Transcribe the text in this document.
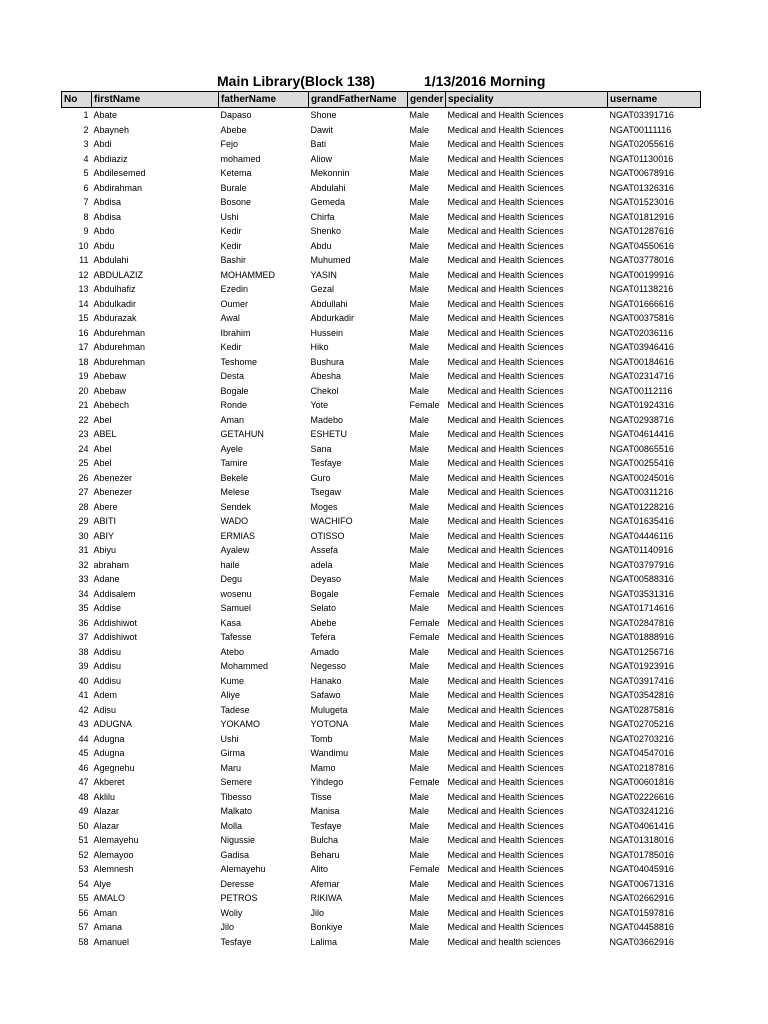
Main Library(Block 138)	1/13/2016 Morning
No	firstName	fatherName	grandFatherName	gender	speciality	username
1	Abate	Dapaso	Shone	Male	Medical and Health Sciences	NGAT03391716
2	Abayneh	Abebe	Dawit	Male	Medical and Health Sciences	NGAT00111116
3	Abdi	Fejo	Bati	Male	Medical and Health Sciences	NGAT02055616
4	Abdiaziz	mohamed	Aliow	Male	Medical and Health Sciences	NGAT01130016
5	Abdilesemed	Ketema	Mekonnin	Male	Medical and Health Sciences	NGAT00678916
6	Abdirahman	Burale	Abdulahi	Male	Medical and Health Sciences	NGAT01326316
7	Abdisa	Bosone	Gemeda	Male	Medical and Health Sciences	NGAT01523016
8	Abdisa	Ushi	Chirfa	Male	Medical and Health Sciences	NGAT01812916
9	Abdo	Kedir	Shenko	Male	Medical and Health Sciences	NGAT01287616
10	Abdu	Kedir	Abdu	Male	Medical and Health Sciences	NGAT04550616
11	Abdulahi	Bashir	Muhumed	Male	Medical and Health Sciences	NGAT03778016
12	ABDULAZIZ	MOHAMMED	YASIN	Male	Medical and Health Sciences	NGAT00199916
13	Abdulhafiz	Ezedin	Gezal	Male	Medical and Health Sciences	NGAT01138216
14	Abdulkadir	Oumer	Abdullahi	Male	Medical and Health Sciences	NGAT01666616
15	Abdurazak	Awal	Abdurkadir	Male	Medical and Health Sciences	NGAT00375816
16	Abdurehman	Ibrahim	Hussein	Male	Medical and Health Sciences	NGAT02036116
17	Abdurehman	Kedir	Hiko	Male	Medical and Health Sciences	NGAT03946416
18	Abdurehman	Teshome	Bushura	Male	Medical and Health Sciences	NGAT00184616
19	Abebaw	Desta	Abesha	Male	Medical and Health Sciences	NGAT02314716
20	Abebaw	Bogale	Chekol	Male	Medical and Health Sciences	NGAT00112116
21	Abebech	Ronde	Yote	Female	Medical and Health Sciences	NGAT01924316
22	Abel	Aman	Madebo	Male	Medical and Health Sciences	NGAT02938716
23	ABEL	GETAHUN	ESHETU	Male	Medical and Health Sciences	NGAT04614416
24	Abel	Ayele	Sana	Male	Medical and Health Sciences	NGAT00865516
25	Abel	Tamire	Tesfaye	Male	Medical and Health Sciences	NGAT00255416
26	Abenezer	Bekele	Guro	Male	Medical and Health Sciences	NGAT00245016
27	Abenezer	Melese	Tsegaw	Male	Medical and Health Sciences	NGAT00311216
28	Abere	Sendek	Moges	Male	Medical and Health Sciences	NGAT01228216
29	ABITI	WADO	WACHIFO	Male	Medical and Health Sciences	NGAT01635416
30	ABIY	ERMIAS	OTISSO	Male	Medical and Health Sciences	NGAT04446116
31	Abiyu	Ayalew	Assefa	Male	Medical and Health Sciences	NGAT01140916
32	abraham	haile	adela	Male	Medical and Health Sciences	NGAT03797916
33	Adane	Degu	Deyaso	Male	Medical and Health Sciences	NGAT00588316
34	Addisalem	wosenu	Bogale	Female	Medical and Health Sciences	NGAT03531316
35	Addise	Samuel	Selato	Male	Medical and Health Sciences	NGAT01714616
36	Addishiwot	Kasa	Abebe	Female	Medical and Health Sciences	NGAT02847816
37	Addishiwot	Tafesse	Tefera	Female	Medical and Health Sciences	NGAT01888916
38	Addisu	Atebo	Amado	Male	Medical and Health Sciences	NGAT01256716
39	Addisu	Mohammed	Negesso	Male	Medical and Health Sciences	NGAT01923916
40	Addisu	Kume	Hanako	Male	Medical and Health Sciences	NGAT03917416
41	Adem	Aliye	Safawo	Male	Medical and Health Sciences	NGAT03542816
42	Adisu	Tadese	Mulugeta	Male	Medical and Health Sciences	NGAT02875816
43	ADUGNA	YOKAMO	YOTONA	Male	Medical and Health Sciences	NGAT02705216
44	Adugna	Ushi	Tomb	Male	Medical and Health Sciences	NGAT02703216
45	Adugna	Girma	Wandimu	Male	Medical and Health Sciences	NGAT04547016
46	Agegnehu	Maru	Mamo	Male	Medical and Health Sciences	NGAT02187816
47	Akberet	Semere	Yihdego	Female	Medical and Health Sciences	NGAT00601816
48	Aklilu	Tibesso	Tisse	Male	Medical and Health Sciences	NGAT02226616
49	Alazar	Malkato	Manisa	Male	Medical and Health Sciences	NGAT03241216
50	Alazar	Molla	Tesfaye	Male	Medical and Health Sciences	NGAT04061416
51	Alemayehu	Nigussie	Bulcha	Male	Medical and Health Sciences	NGAT01318016
52	Alemayoo	Gadisa	Beharu	Male	Medical and Health Sciences	NGAT01785016
53	Alemnesh	Alemayehu	Alito	Female	Medical and Health Sciences	NGAT04045916
54	Alye	Deresse	Afemar	Male	Medical and Health Sciences	NGAT00671316
55	AMALO	PETROS	RIKIWA	Male	Medical and Health Sciences	NGAT02662916
56	Aman	Woliy	Jilo	Male	Medical and Health Sciences	NGAT01597816
57	Amana	Jilo	Bonkiye	Male	Medical and Health Sciences	NGAT04458816
58	Amanuel	Tesfaye	Lalima	Male	Medical and health sciences	NGAT03662916
